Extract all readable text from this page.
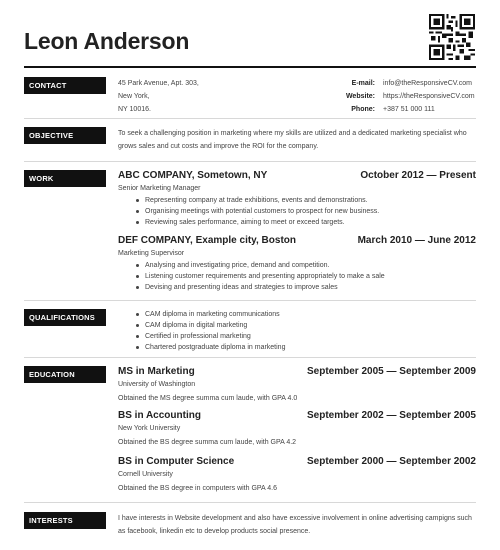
Leon Anderson
CONTACT	45 Park Avenue, Apt. 303,
New York,
NY 10016.
E-mail: info@theResponsiveCV.com
Website: https://theResponsiveCV.com
Phone: +387 51 000 111
OBJECTIVE	To seek a challenging position in marketing where my skills are utilized and a dedicated marketing specialist who
grows sales and cut costs and improve the ROI for the company.
WORK EXPERIENCE
ABC COMPANY, Sometown, NY	October 2012 — Present
Senior Marketing Manager
Representing company at trade exhibitions, events and demonstrations.
Organising meetings with potential customers to prospect for new business.
Reviewing sales performance, aiming to meet or exceed targets.
DEF COMPANY, Example city, Boston	March 2010 — June 2012
Marketing Supervisor
Analysing and investigating price, demand and competition.
Listening customer requirements and presenting appropriately to make a sale
Devising and presenting ideas and strategies to improve sales
QUALIFICATIONS	CAM diploma in marketing communications
CAM diploma in digital marketing
Certified in professional marketing
Chartered postgraduate diploma in marketing
EDUCATION	MS in Marketing	September 2005 — September 2009
University of Washington
Obtained the MS degree summa cum laude, with GPA 4.0
BS in Accounting	September 2002 — September 2005
New York University
Obtained the BS degree summa cum laude, with GPA 4.2
BS in Computer Science	September 2000 — September 2002
Cornell University
Obtained the BS degree in computers with GPA 4.6
INTERESTS	I have interests in Website development and also have excessive involvement in online advertising campigns such
as facebook, linkedin etc to develop products social presence.
